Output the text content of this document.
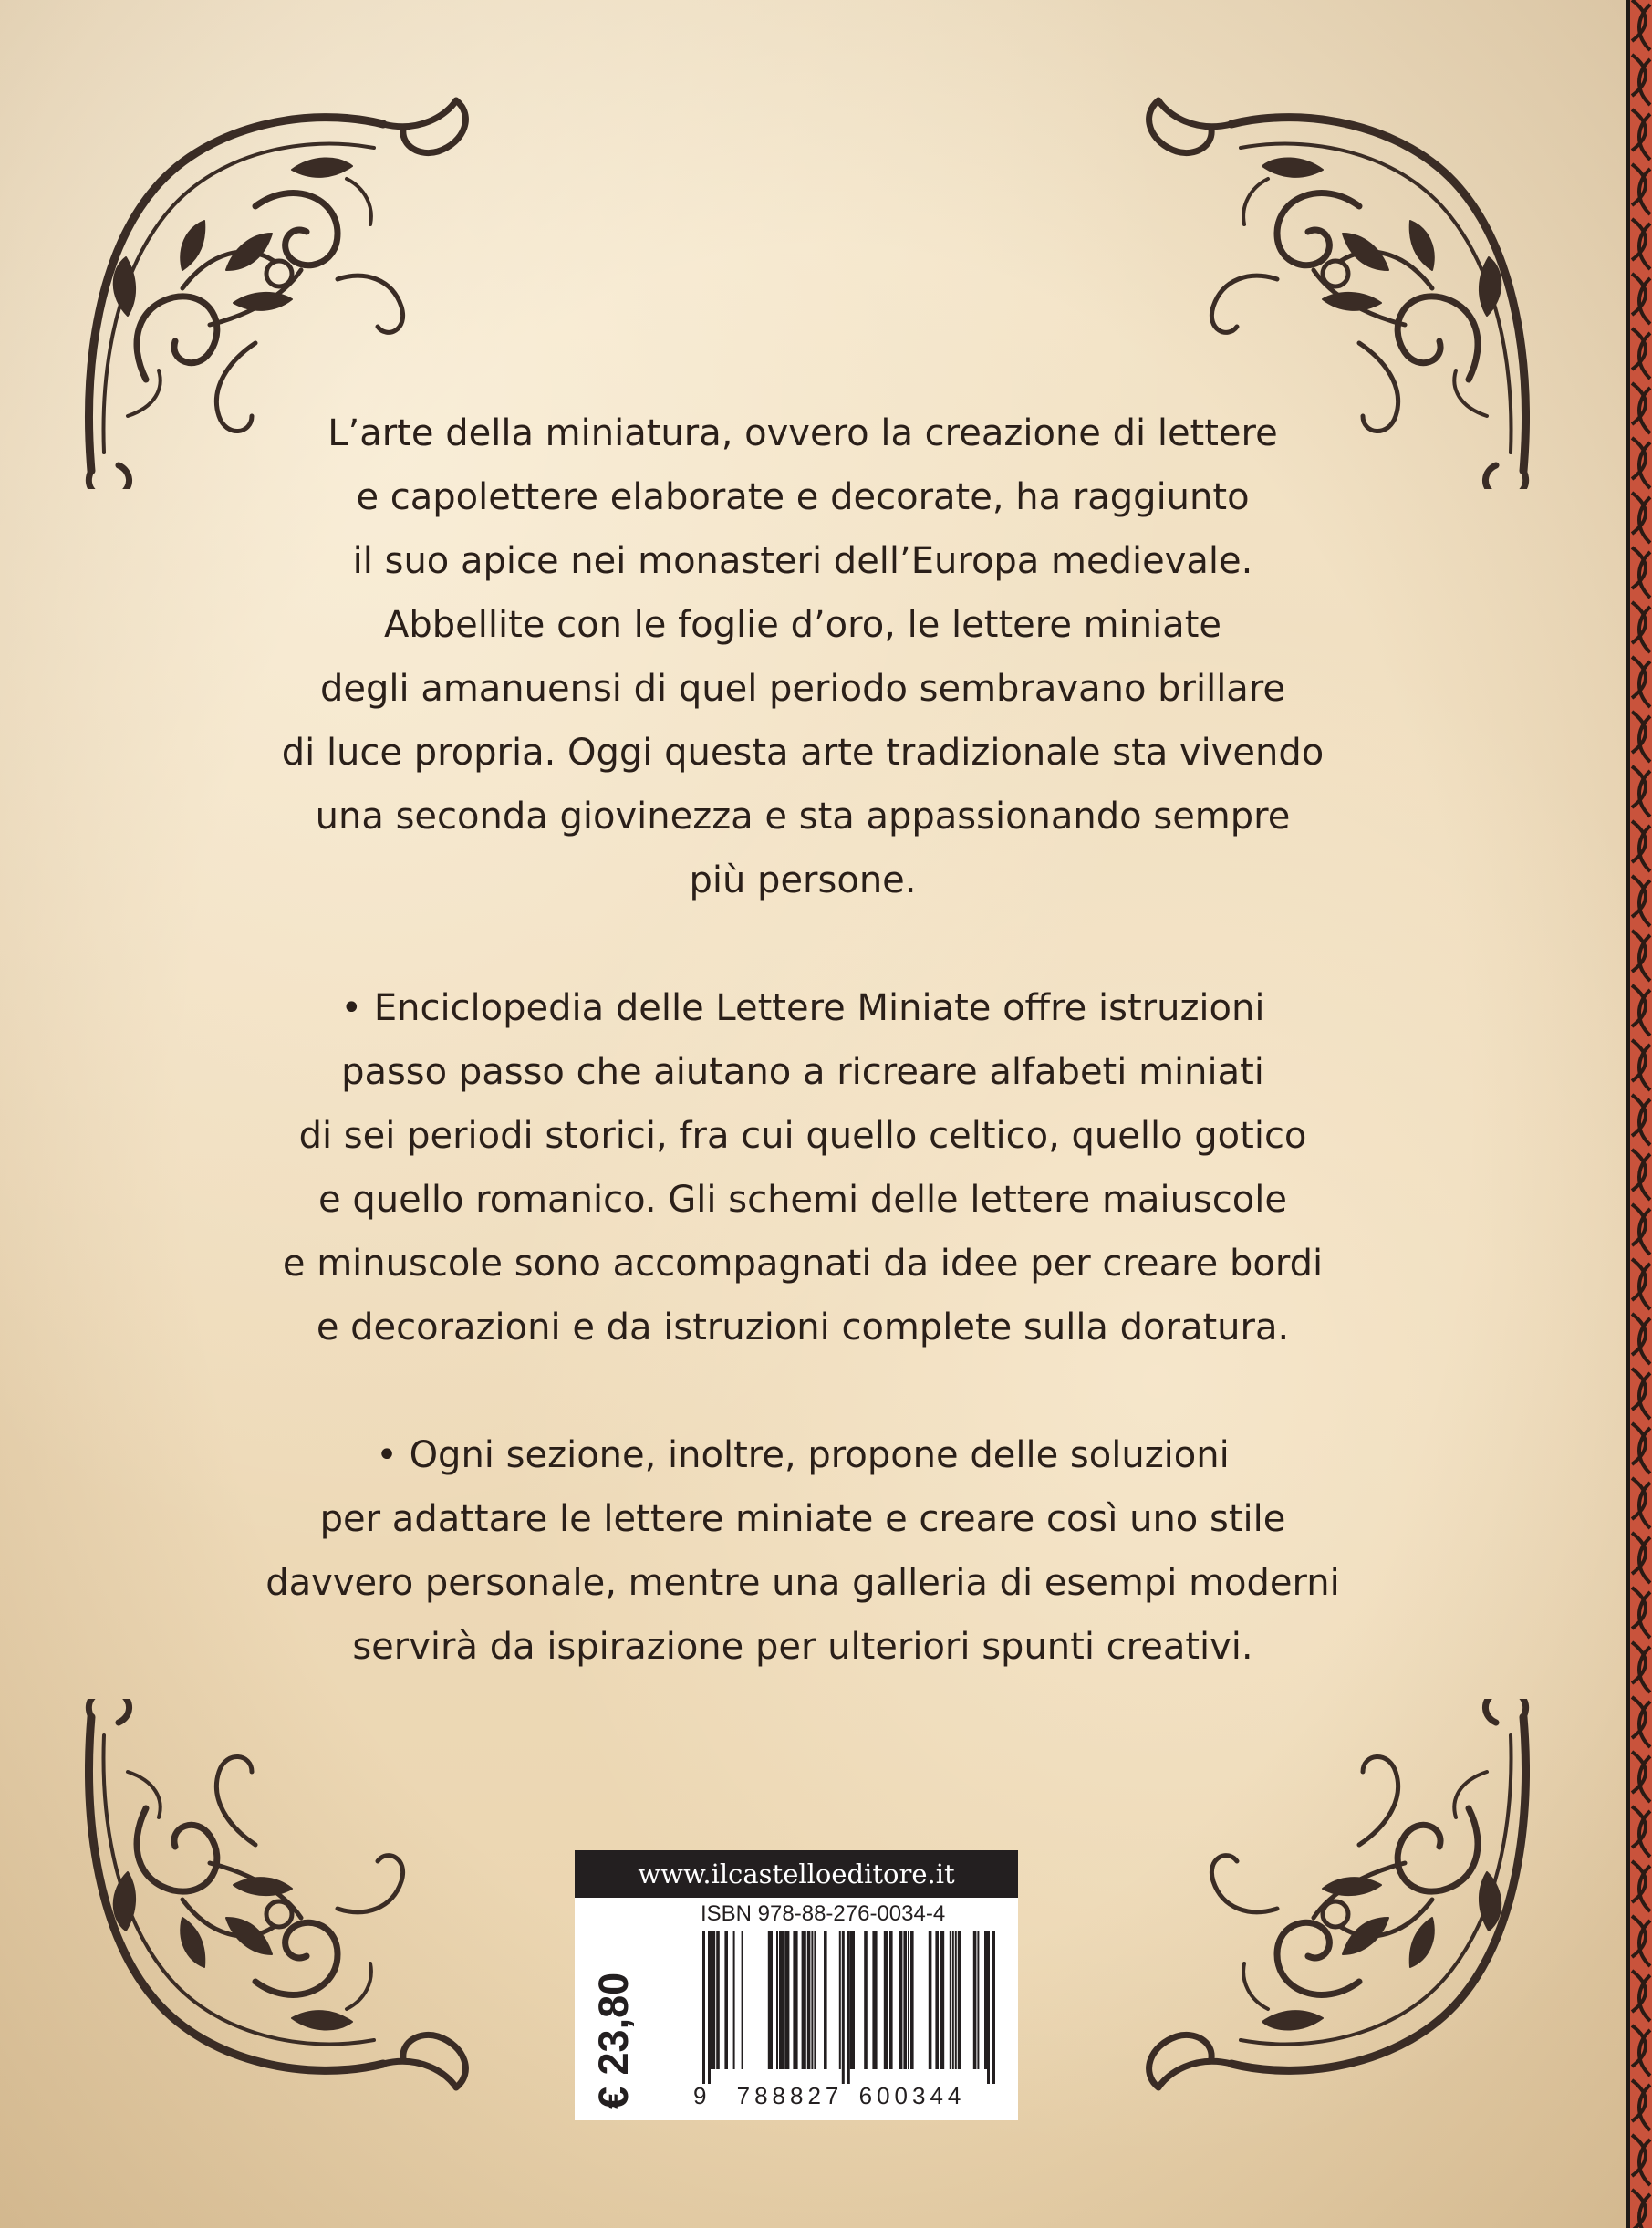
L’arte della miniatura, ovvero la creazione di lettere
e capolettere elaborate e decorate, ha raggiunto
il suo apice nei monasteri dell’Europa medievale.
Abbellite con le foglie d’oro, le lettere miniate
degli amanuensi di quel periodo sembravano brillare
di luce propria. Oggi questa arte tradizionale sta vivendo
una seconda giovinezza e sta appassionando sempre
più persone.

• Enciclopedia delle Lettere Miniate offre istruzioni
passo passo che aiutano a ricreare alfabeti miniati
di sei periodi storici, fra cui quello celtico, quello gotico
e quello romanico. Gli schemi delle lettere maiuscole
e minuscole sono accompagnati da idee per creare bordi
e decorazioni e da istruzioni complete sulla doratura.

• Ogni sezione, inoltre, propone delle soluzioni
per adattare le lettere miniate e creare così uno stile
davvero personale, mentre una galleria di esempi moderni
servirà da ispirazione per ulteriori spunti creativi.

www.ilcastelloeditore.it
€ 23,80
ISBN 978-88-276-0034-4
9 788827 600344
